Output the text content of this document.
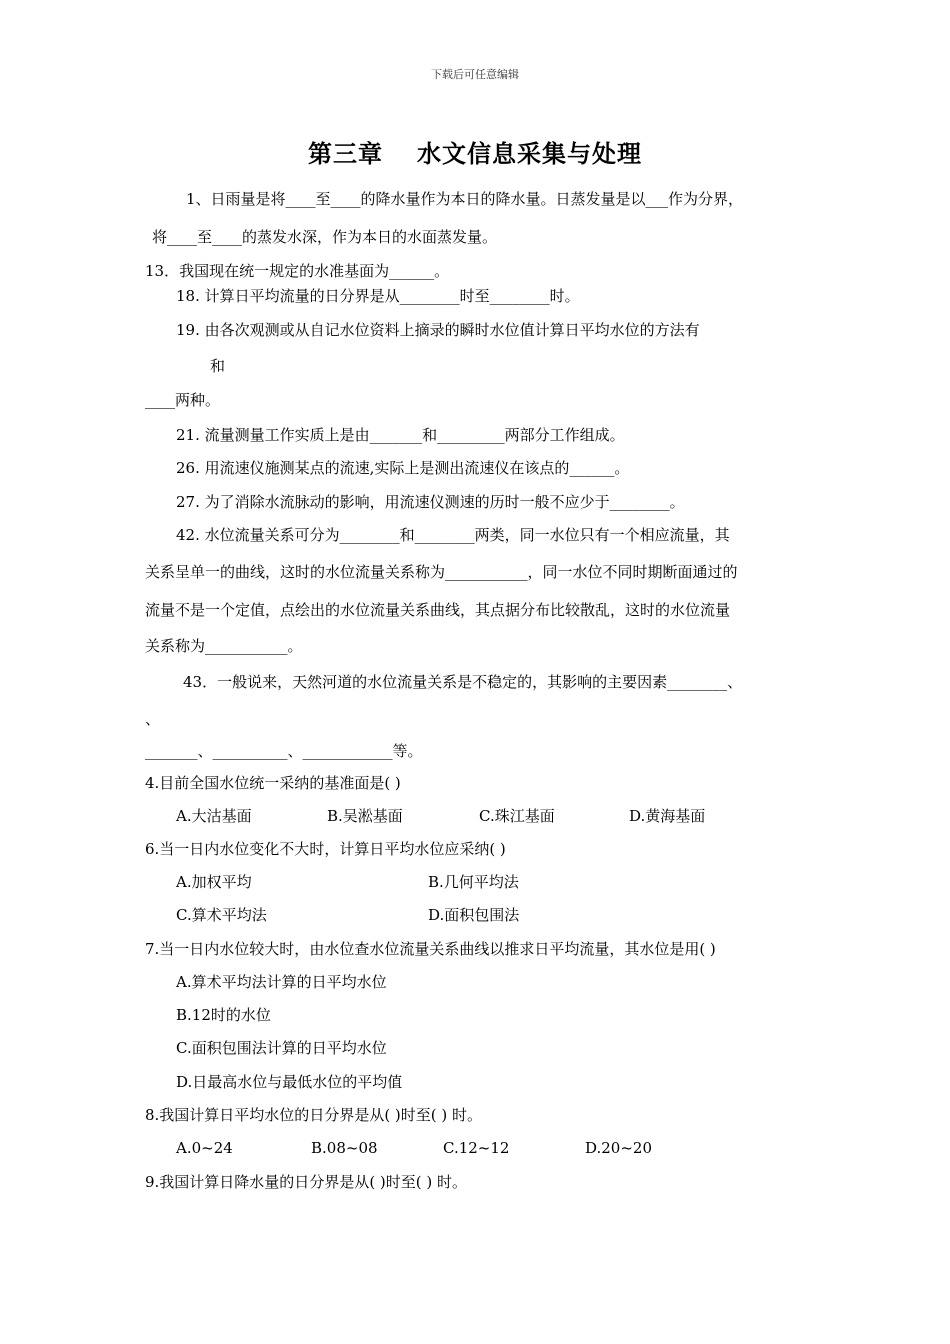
下载后可任意编辑
第三章 水文信息采集与处理
1、日雨量是将____至____的降水量作为本日的降水量。日蒸发量是以___作为分界，
将____至____的蒸发水深，作为本日的水面蒸发量。
13．我国现在统一规定的水准基面为______。
18. 计算日平均流量的日分界是从________时至________时。
19. 由各次观测或从自记水位资料上摘录的瞬时水位值计算日平均水位的方法有
和
____两种。
21. 流量测量工作实质上是由_______和_________两部分工作组成。
26. 用流速仪施测某点的流速,实际上是测出流速仪在该点的______。
27. 为了消除水流脉动的影响，用流速仪测速的历时一般不应少于________。
42. 水位流量关系可分为________和________两类，同一水位只有一个相应流量，其
关系呈单一的曲线，这时的水位流量关系称为___________，同一水位不同时期断面通过的
流量不是一个定值，点绘出的水位流量关系曲线，其点据分布比较散乱，这时的水位流量
关系称为___________。
43．一般说来，天然河道的水位流量关系是不稳定的，其影响的主要因素________、
、
_______、__________、____________等。
4.目前全国水位统一采纳的基准面是( )
A.大沽基面	B.吴淞基面	C.珠江基面	D.黄海基面
6.当一日内水位变化不大时，计算日平均水位应采纳( )
A.加权平均	B.几何平均法
C.算术平均法	D.面积包围法
7.当一日内水位较大时，由水位查水位流量关系曲线以推求日平均流量，其水位是用( )
A.算术平均法计算的日平均水位
B.12时的水位
C.面积包围法计算的日平均水位
D.日最高水位与最低水位的平均值
8.我国计算日平均水位的日分界是从( )时至( ) 时。
A.0~24	B.08~08	C.12~12	D.20~20
9.我国计算日降水量的日分界是从( )时至( ) 时。
